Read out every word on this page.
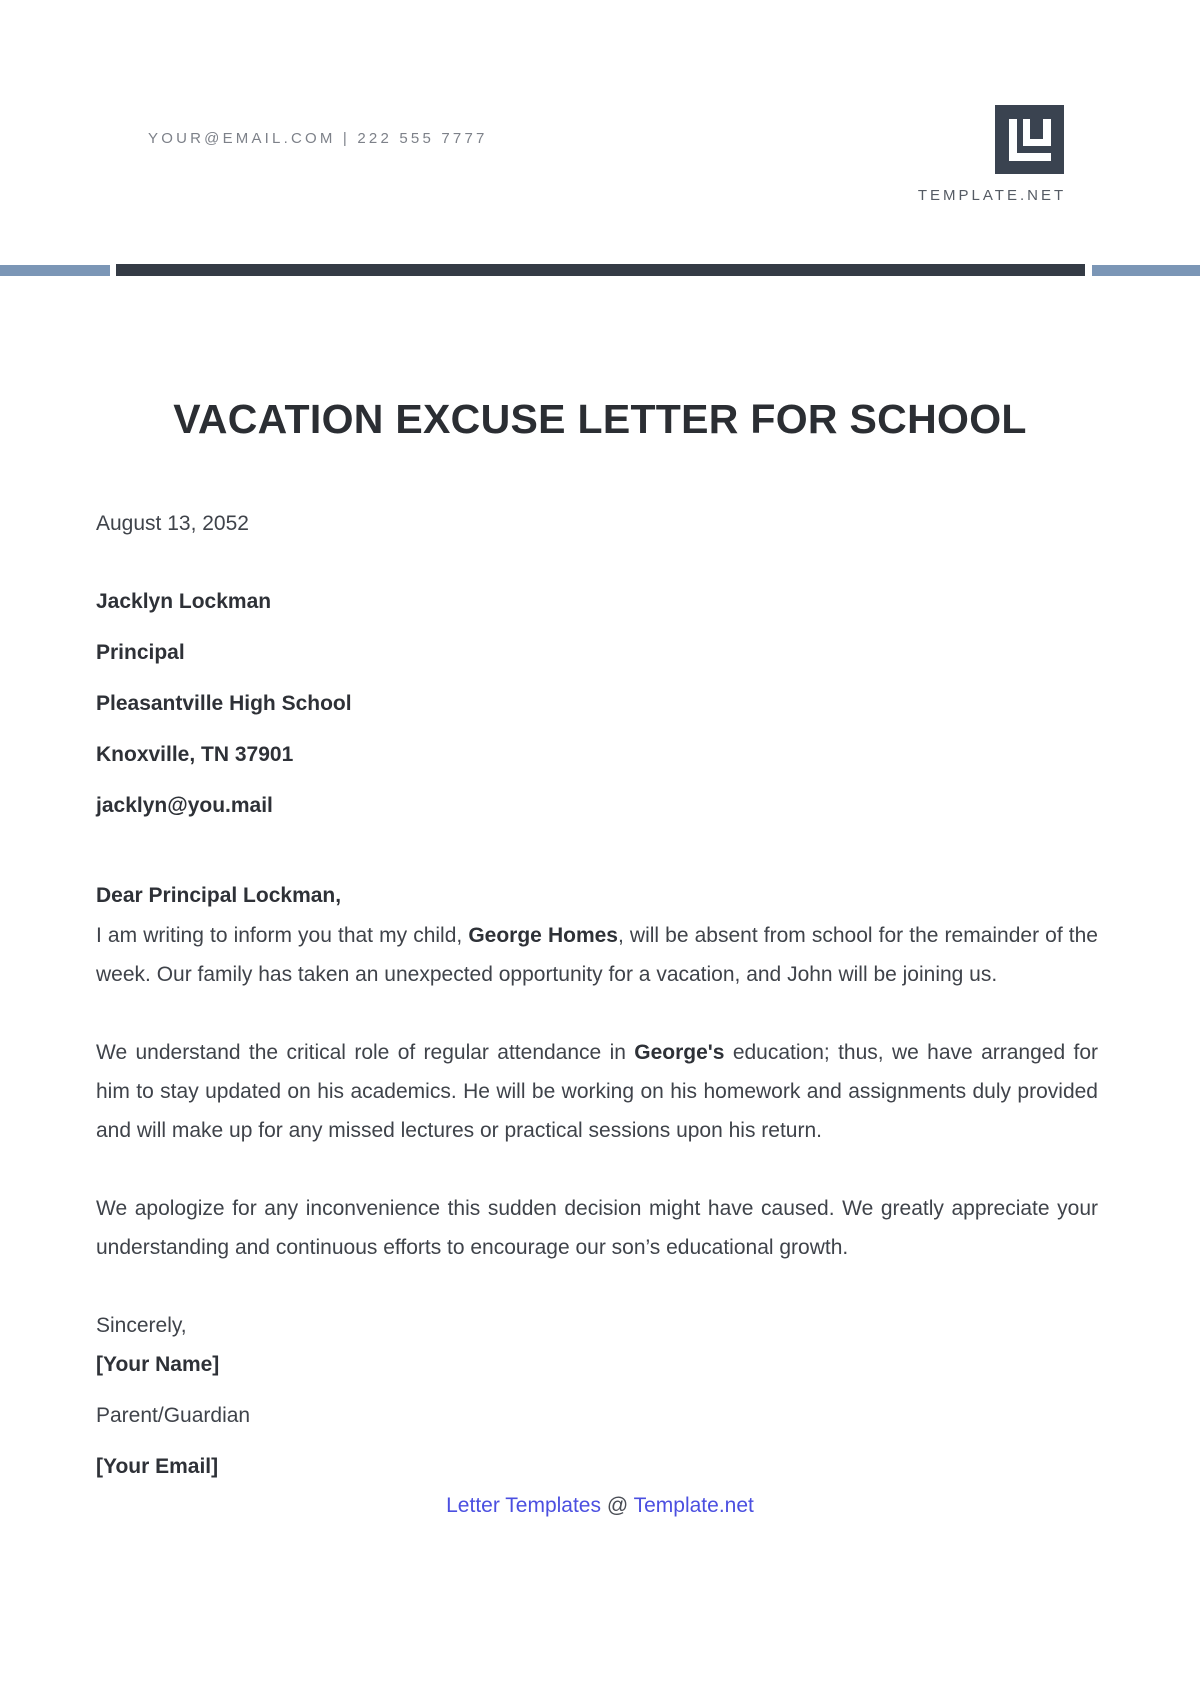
YOUR@EMAIL.COM | 222 555 7777
TEMPLATE.NET
VACATION EXCUSE LETTER FOR SCHOOL
August 13, 2052
Jacklyn Lockman
Principal
Pleasantville High School
Knoxville, TN 37901
jacklyn@you.mail
Dear Principal Lockman,
I am writing to inform you that my child, George Homes, will be absent from school for the remainder of the week. Our family has taken an unexpected opportunity for a vacation, and John will be joining us.
We understand the critical role of regular attendance in George's education; thus, we have arranged for him to stay updated on his academics. He will be working on his homework and assignments duly provided and will make up for any missed lectures or practical sessions upon his return.
We apologize for any inconvenience this sudden decision might have caused. We greatly appreciate your understanding and continuous efforts to encourage our son’s educational growth.
Sincerely,
[Your Name]
Parent/Guardian
[Your Email]
Letter Templates @ Template.net
